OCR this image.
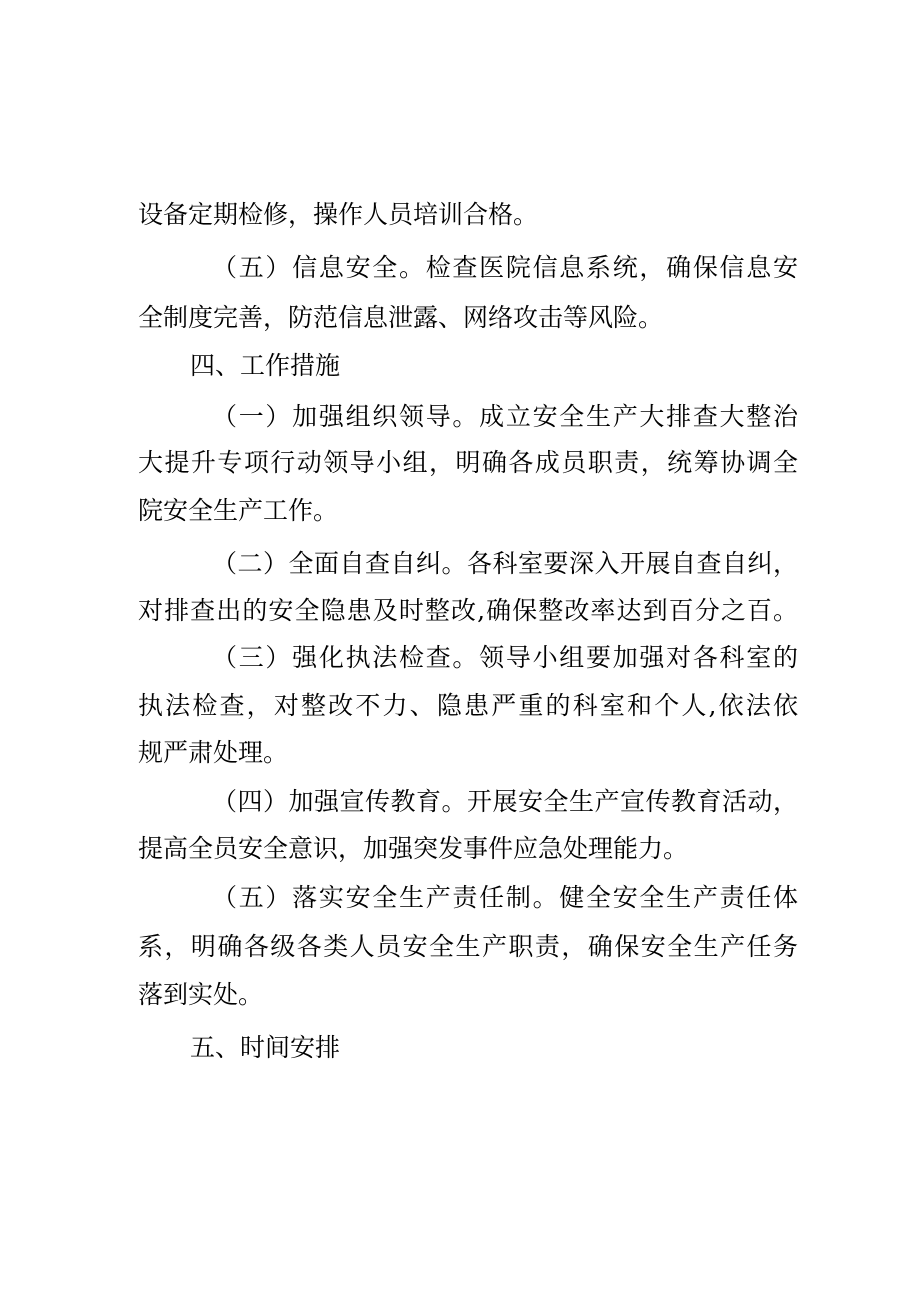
设备定期检修，操作人员培训合格。
（五）信息安全。检查医院信息系统，确保信息安
全制度完善，防范信息泄露、网络攻击等风险。
四、工作措施
（一）加强组织领导。成立安全生产大排查大整治
大提升专项行动领导小组，明确各成员职责，统筹协调全
院安全生产工作。
（二）全面自查自纠。各科室要深入开展自查自纠，
对排查出的安全隐患及时整改,确保整改率达到百分之百。
（三）强化执法检查。领导小组要加强对各科室的
执法检查，对整改不力、隐患严重的科室和个人,依法依
规严肃处理。
（四）加强宣传教育。开展安全生产宣传教育活动，
提高全员安全意识，加强突发事件应急处理能力。
（五）落实安全生产责任制。健全安全生产责任体
系，明确各级各类人员安全生产职责，确保安全生产任务
落到实处。
五、时间安排
